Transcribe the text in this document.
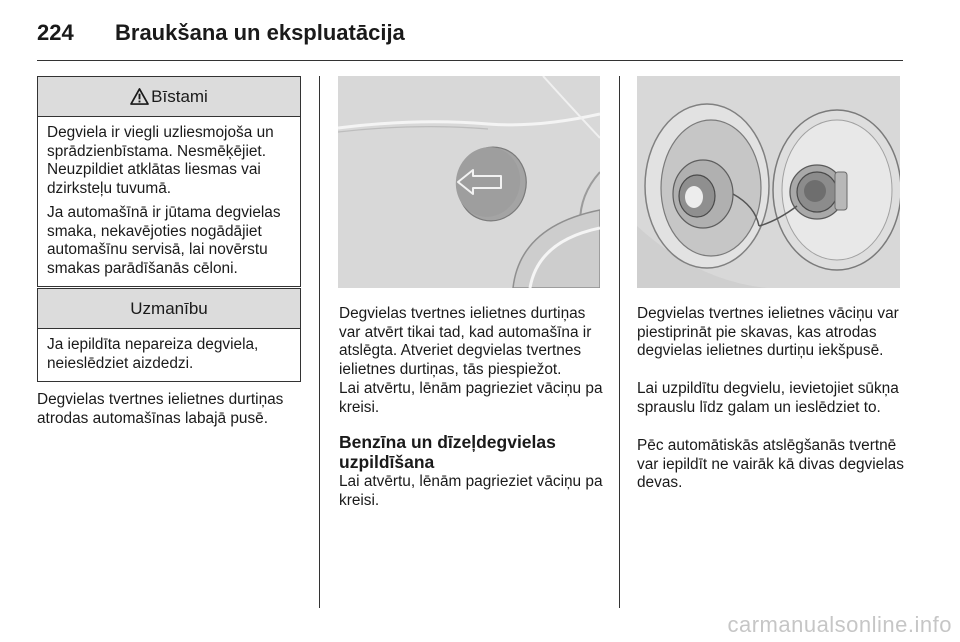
224 Braukšana un ekspluatācija
Bīstami

Degviela ir viegli uzliesmojoša un sprādzienbīstama. Nesmēķējiet. Neuzpildiet atklātas liesmas vai dzirksteļu tuvumā.

Ja automašīnā ir jūtama degvielas smaka, nekavējoties nogādājiet automašīnu servisā, lai novērstu smakas parādīšanās cēloni.

Uzmanību

Ja iepildīta nepareiza degviela, neieslēdziet aizdedzi.

Degvielas tvertnes ielietnes durtiņas atrodas automašīnas labajā pusē.

Degvielas tvertnes ielietnes durtiņas var atvērt tikai tad, kad automašīna ir atslēgta. Atveriet degvielas tvertnes ielietnes durtiņas, tās piespiežot.

Lai atvērtu, lēnām pagrieziet vāciņu pa kreisi.

Benzīna un dīzeļdegvielas uzpildīšana

Lai atvērtu, lēnām pagrieziet vāciņu pa kreisi.

Degvielas tvertnes ielietnes vāciņu var piestiprināt pie skavas, kas atrodas degvielas ielietnes durtiņu iekšpusē.

Lai uzpildītu degvielu, ievietojiet sūkņa sprauslu līdz galam un ieslēdziet to.

Pēc automātiskās atslēgšanās tvertnē var iepildīt ne vairāk kā divas degvielas devas.

carmanualsonline.info
